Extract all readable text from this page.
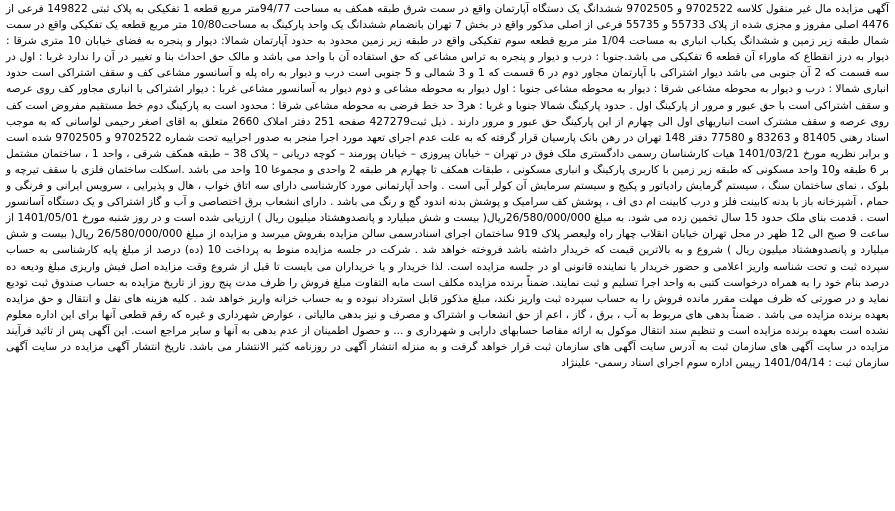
آگهی مزایده مال غیر منقول کلاسه 9702522 و 9702505 ششدانگ یک دستگاه آپارتمان واقع در سمت شرق طبقه همکف به مساحت 94/77متر مربع قطعه 1 تفکیکی به پلاک ثبتی 149822 فرعی از 4476 اصلی مفروز و مجزی شده از پلاک 55733 و 55735 فرعی از اصلی مذکور واقع در بخش 7 تهران بانضمام ششدانگ یک واحد پارکینگ به مساحت10/80 متر مربع قطعه یک تفکیکی واقع در سمت شمال طبقه زیر زمین و ششدانگ یکباب انباری به مساحت 1/04 متر مربع قطعه سوم تفکیکی واقع در طبقه زیر زمین محدود به حدود آپارتمان شمالا: دیوار و پنجره به فضای خیابان 10 متری شرقا : دیوار به درز انقطاع که ماوراء آن قطعه 6 تفکیکی می باشد.جنوبا : درب و دیوار و پنجره به تراس مشاعی که حق استفاده آن با واحد می باشد و مالک حق احداث بنا و تغییر در آن را ندارد غربا : اول در سه قسمت که 2 آن جنوبی می باشد دیوار اشتراکی با آپارتمان مجاور دوم در 6 قسمت که 1 و 3 شمالی و 5 جنوبی است درب و دیوار به راه پله و آسانسور مشاعی کف و سقف اشتراکی است حدود انباری شمالا : درب و دیوار به محوطه مشاعی شرقا : دیوار به محوطه مشاعی جنوبا : اول دیوار به محوطه مشاعی و دوم دیوار به آسانسور مشاعی غربا : دیوار اشتراکی با انباری مجاور کف روی عرصه و سقف اشتراکی است با حق عبور و مرور از پارکینگ اول . حدود پارکینگ شمالا جنوبا و غربا : هر3 حد خط فرضی به محوطه مشاعی شرقا : محدود است به پارکینگ دوم خط مستقیم مفروض است کف روی عرصه و سقف مشترک است انباریهای اول الی چهارم از این پارکینگ حق عبور و مرور دارند . ذیل ثبت427279 صفحه 251 دفتر املاک 2660 متعلق به اقای اصغر رحیمی لواسانی که به موجب اسناد رهنی 81405 و 83263 و 77580 دفتر 148 تهران در رهن بانک پارسیان قرار گرفته که به علت عدم اجرای تعهد مورد اجرا منجر به صدور اجراییه تحت شماره 9702522 و 9702505 شده است و برابر نظریه مورخ 1401/03/21 هیات کارشناسان رسمی دادگستری ملک فوق در تهران – خیابان پیروزی – خیابان پورمند – کوچه دریانی – پلاک 38 – طبقه همکف شرقی ، واحد 1 ، ساختمان مشتمل بر 6 طبقه و10 واحد مسکونی که طبقه زیر زمین با کاربری پارکینگ و انباری مسکونی ، طبقات همکف تا چهارم هر طبقه 2 واحدی و مجموعا 10 واحد می باشد .اسکلت ساختمان فلزی با سقف تیرچه و بلوک ، نمای ساختمان سنگ ، سیستم گرمایش رادیاتور و پکیج و سیستم سرمایش آن کولر آبی است . واحد آپارتمانی مورد کارشناسی دارای سه اتاق خواب ، هال و پذیرایی ، سرویس ایرانی و فرنگی و حمام ، آشپزخانه باز با بدنه کابینت فلز و درب کابینت ام دی اف ، پوشش کف سرامیک و پوشش بدنه اندود گچ و رنگ می باشد . دارای انشعاب برق اختصاصی و آب و گاز اشتراکی و یک دستگاه آسانسور است . قدمت بنای ملک حدود 15 سال تخمین زده می شود. به مبلغ 26/580/000/000ریال( بیست و شش میلیارد و پانصدوهشتاد میلیون ریال ) ارزیابی شده است و در روز شنبه مورخ 1401/05/01 از ساعت 9 صبح الی 12 ظهر در محل تهران خیابان انقلاب چهار راه ولیعصر پلاک 919 ساختمان اجرای اسنادرسمی سالن مزایده بفروش میرسد و مزایده از مبلغ 26/580/000/000 ریال( بیست و شش میلیارد و پانصدوهشتاد میلیون ریال ) شروع و به بالاترین قیمت که خریدار داشته باشد فروخته خواهد شد . شرکت در جلسه مزایده منوط به پرداخت 10 (ده) درصد از مبلغ پایه کارشناسی به حساب سپرده ثبت و تحت شناسه واریز اعلامی و حضور خریدار یا نماینده قانونی او در جلسه مزایده است. لذا خریدار و یا خریداران می بایست تا قبل از شروع وقت مزایده اصل فیش واریزی مبلغ ودیعه ده درصد بنام خود را به همراه درخواست کتبی به واحد اجرا تسلیم و ثبت نمایند. ضمناً برنده مزایده مکلف است مابه التفاوت مبلغ فروش را ظرف مدت پنج روز از تاریخ مزایده به حساب صندوق ثبت تودیع نماید و در صورتی که ظرف مهلت مقرر مانده فروش را به حساب سپرده ثبت واریز نکند، مبلغ مذکور قابل استرداد نبوده و به حساب خزانه واریز خواهد شد . کلیه هزینه های نقل و انتقال و حق مزایده بعهده برنده مزایده می باشد . ضمناً بدهی های مربوط به آب ، برق ، گاز ، اعم از حق انشعاب و اشتراک و مصرف و نیز بدهی مالیاتی ، عوارض شهرداری و غیره که رقم قطعی آنها برای این اداره معلوم نشده است بعهده برنده مزایده است و تنظیم سند انتقال موکول به ارائه مفاصا حسابهای دارایی و شهرداری و ... و حصول اطمینان از عدم بدهی به آنها و سایر مراجع است. این آگهی پس از تائید فرآیند مزایده در سایت آگهی های سازمان ثبت به آدرس سایت آگهی های سازمان ثبت قرار خواهد گرفت و به منزله انتشار آگهی در روزنامه کثیر الانتشار می باشد. تاریخ انتشار آگهی مزایده در سایت آگهی سازمان ثبت : 1401/04/14 رییس اداره سوم اجرای اسناد رسمی- علینژاد
